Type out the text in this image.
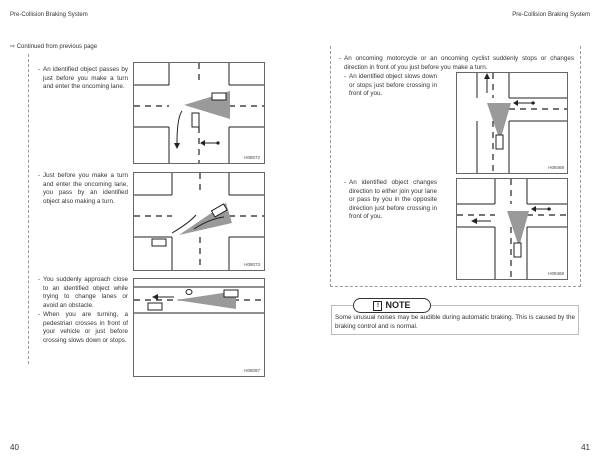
Pre-Collision Braking System	Pre-Collision Braking System
⇨ Continued from previous page
- An identified object passes by just before you make a turn and enter the oncoming lane.
H08072
- Just before you make a turn and enter the oncoming lane, you pass by an identified object also making a turn.
H08073
- You suddenly approach close to an identified object while trying to change lanes or avoid an obstacle.
- When you are turning, a pedestrian crosses in front of your vehicle or just before crossing slows down or stops.
H08097
40
- An oncoming motorcycle or an oncoming cyclist suddenly stops or changes direction in front of you just before you make a turn.
- An identified object slows down or stops just before crossing in front of you.
H08469
- An identified object changes direction to either join your lane or pass by you in the opposite direction just before crossing in front of you.
H08468
! NOTE
Some unusual noises may be audible during automatic braking. This is caused by the braking control and is normal.
41
